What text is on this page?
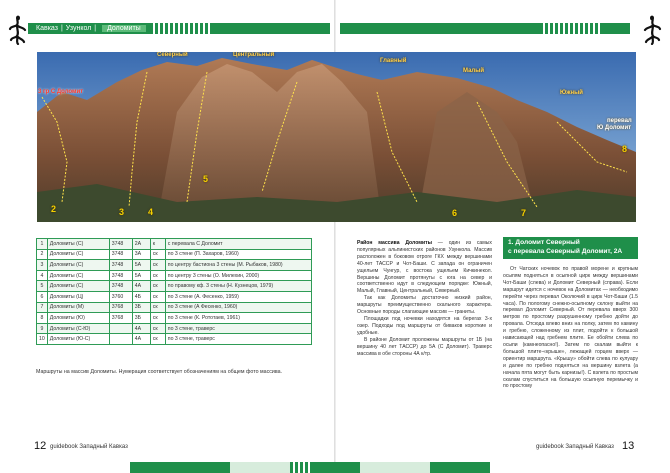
Кавказ | Узункол | Доломиты
Северный	Центральный
Главный
Малый
Южный
3 гр С Доломит
перевал
Ю Доломит
2	3	4
5
6	7
8
1	Доломиты (С)	3748	2А	к	с перевала С Доломит
2	Доломиты (С)	3748	3А	ск	по 3 стене (П. Захаров, 1960)
3	Доломиты (С)	3748	5А	ск	по центру бастиона 3 стены (М. Рыбаков, 1980)
4	Доломиты (С)	3748	5А	ск	по центру 3 стены (О. Милехин, 2000)
5	Доломиты (С)	3748	4А	ск	по правому кф. 3 стены (Н. Кузнецов, 1979)
6	Доломиты (Ц)	3760	4Б	ск	по 3 стене (А. Фесенко, 1959)
7	Доломиты (М)	3768	3Б	ск	по 3 стене (А Фесенко, 1960)
8	Доломиты (Ю)	3768	3Б	ск	по 3 стене (К. Рототаев, 1961)
9	Доломиты (С-Ю)		4А	ск	по 3 стене, траверс
10	Доломиты (Ю-С)		4А	ск	по 3 стене, траверс
Маршруты на массив Доломиты. Нумерация соответствует обозначениям на общем фото массива.

Район массива Доломиты — один из самых популярных альпинистских районов Узункола. Массив расположен в боковом отроге ГКХ между вершинами 40-лет ТАССР и Чот-Баши. С запада он ограничен ущельем Чунгур, с востока ущельем Кичкинекол. Вершины Доломит протянуты с юга на север и соответственно идут в следующем порядке: Южный, Малый, Главный, Центральный, Северный.

Так как Доломиты достаточно низкий район, маршруты преимущественно скального характера. Основные породы слагающие массив — граниты.

Площадки под ночевки находятся на берегах 3-х озер. Подходы под маршруты от биваков короткие и удобные.

В районе Доломит проложены маршруты от 1Б (на вершину 40 лет ТАССР) до 5А (С Доломит). Траверс массива в обе стороны 4А к/тр.

1. Доломит Северный
с перевала Северный Доломит, 2А
От Чатских ночевок по правой морене и крупным осыпям подняться в осыпной цирк между вершинами Чот-Баши (слева) и Доломит Северный (справа). Если маршрут идется с ночевок на Доломитах — необходимо перейти через перевал Околючий в цирк Чот-Баши (1.5 часа). По пологому снежно-осыпному склону выйти на перевал Доломит Северный. От перевала вверх 300 метров по простому разрушенному гребню дойти до провала. Отсюда влево вниз на полку, затем по камину и гребню, сложенному из плит, подойти к большой нависающей над гребнем плите. Ее обойти слева по осыпи (камнеопасно!). Затем по скалам выйти к большой плите-«крыше», лежащей горцем вверх — ориентир маршрута. «Крышу» обойти слева по кулуару и далее по гребню подняться на вершину взлета (а начала пята могут быть карнизы!). С взлета по простым скалам спуститься на большую осыпную перемычку и по простому
12 guidebook Западный Кавказ	guidebook Западный Кавказ 13
